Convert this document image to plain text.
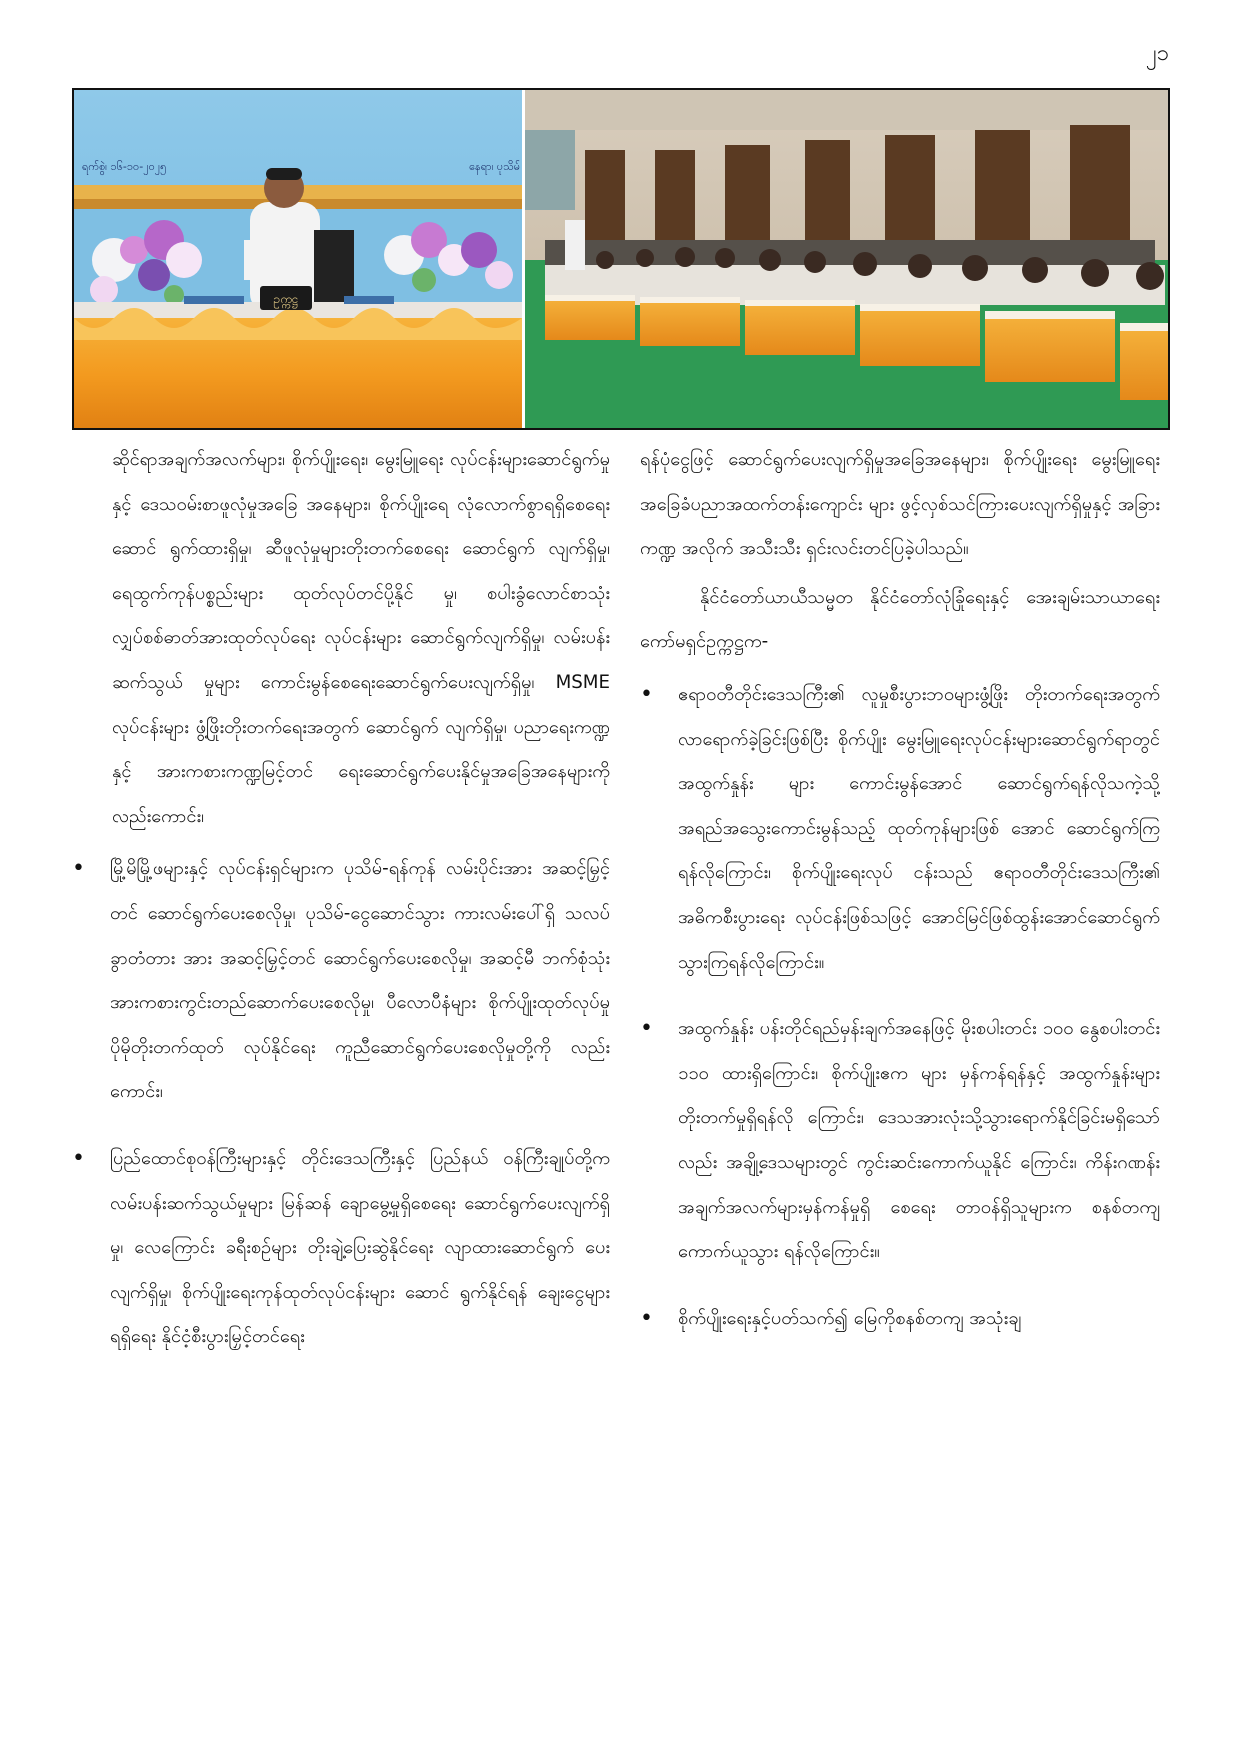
၂၁
ဥက္ကဋ္ဌ
ရက်စွဲ၊ ၁၆-၁၀-၂၀၂၅	နေရာ၊ ပုသိမ်

ဆိုင်ရာအချက်အလက်များ၊ စိုက်ပျိုးရေး၊ မွေးမြူရေး လုပ်ငန်းများဆောင်ရွက်မှုနှင့် ဒေသဝမ်းစာဖူလုံမှုအခြေ အနေများ၊ စိုက်ပျိုးရေ လုံလောက်စွာရရှိစေရေးဆောင် ရွက်ထားရှိမှု၊ ဆီဖူလုံမှုများတိုးတက်စေရေး ဆောင်ရွက် လျက်ရှိမှု၊ ရေထွက်ကုန်ပစ္စည်းများ ထုတ်လုပ်တင်ပို့နိုင် မှု၊ စပါးခွံလောင်စာသုံးလျှပ်စစ်ဓာတ်အားထုတ်လုပ်ရေး လုပ်ငန်းများ ဆောင်ရွက်လျက်ရှိမှု၊ လမ်းပန်းဆက်သွယ် မှုများ ကောင်းမွန်စေရေးဆောင်ရွက်ပေးလျက်ရှိမှု၊ MSME လုပ်ငန်းများ ဖွံ့ဖြိုးတိုးတက်ရေးအတွက် ဆောင်ရွက် လျက်ရှိမှု၊ ပညာရေးကဏ္ဍနှင့် အားကစားကဏ္ဍမြင့်တင် ရေးဆောင်ရွက်ပေးနိုင်မှုအခြေအနေများကိုလည်းကောင်း၊

• မြို့မိမြို့ဖများနှင့် လုပ်ငန်းရှင်များက ပုသိမ်-ရန်ကုန် လမ်းပိုင်းအား အဆင့်မြှင့်တင် ဆောင်ရွက်ပေးစေလိုမှု၊ ပုသိမ်-ငွေဆောင်သွား ကားလမ်းပေါ်ရှိ သလပ်ခွာတံတား အား အဆင့်မြှင့်တင် ဆောင်ရွက်ပေးစေလိုမှု၊ အဆင့်မီ ဘက်စုံသုံး အားကစားကွင်းတည်ဆောက်ပေးစေလိုမှု၊ ပီလောပီနံများ စိုက်ပျိုးထုတ်လုပ်မှုပိုမိုတိုးတက်ထုတ် လုပ်နိုင်ရေး ကူညီဆောင်ရွက်ပေးစေလိုမှုတို့ကို လည်း ကောင်း၊

• ပြည်ထောင်စုဝန်ကြီးများနှင့် တိုင်းဒေသကြီးနှင့် ပြည်နယ် ဝန်ကြီးချုပ်တို့က လမ်းပန်းဆက်သွယ်မှုများ မြန်ဆန် ချောမွေ့မှုရှိစေရေး ဆောင်ရွက်ပေးလျက်ရှိမှု၊ လေကြောင်း ခရီးစဉ်များ တိုးချဲ့ပြေးဆွဲနိုင်ရေး လျာထားဆောင်ရွက် ပေးလျက်ရှိမှု၊ စိုက်ပျိုးရေးကုန်ထုတ်လုပ်ငန်းများ ဆောင် ရွက်နိုင်ရန် ချေးငွေများရရှိရေး နိုင်ငံ့စီးပွားမြှင့်တင်ရေး

ရန်ပုံငွေဖြင့် ဆောင်ရွက်ပေးလျက်ရှိမှုအခြေအနေများ၊ စိုက်ပျိုးရေး မွေးမြူရေးအခြေခံပညာအထက်တန်းကျောင်း များ ဖွင့်လှစ်သင်ကြားပေးလျက်ရှိမှုနှင့် အခြားကဏ္ဍ အလိုက် အသီးသီး ရှင်းလင်းတင်ပြခဲ့ပါသည်။

နိုင်ငံတော်ယာယီသမ္မတ နိုင်ငံတော်လုံခြုံရေးနှင့် အေးချမ်းသာယာရေးကော်မရှင်ဥက္ကဋ္ဌက-

• ဧရာဝတီတိုင်းဒေသကြီး၏ လူမှုစီးပွားဘဝများဖွံ့ဖြိုး တိုးတက်ရေးအတွက် လာရောက်ခဲ့ခြင်းဖြစ်ပြီး စိုက်ပျိုး မွေးမြူရေးလုပ်ငန်းများဆောင်ရွက်ရာတွင် အထွက်နှုန်း များ ကောင်းမွန်အောင် ဆောင်ရွက်ရန်လိုသကဲ့သို့ အရည်အသွေးကောင်းမွန်သည့် ထုတ်ကုန်များဖြစ် အောင် ဆောင်ရွက်ကြရန်လိုကြောင်း၊ စိုက်ပျိုးရေးလုပ် ငန်းသည် ဧရာဝတီတိုင်းဒေသကြီး၏ အဓိကစီးပွားရေး လုပ်ငန်းဖြစ်သဖြင့် အောင်မြင်ဖြစ်ထွန်းအောင်ဆောင်ရွက် သွားကြရန်လိုကြောင်း။

• အထွက်နှုန်း ပန်းတိုင်ရည်မှန်းချက်အနေဖြင့် မိုးစပါးတင်း ၁၀၀ နွေစပါးတင်း ၁၁၀ ထားရှိကြောင်း၊ စိုက်ပျိုးဧက များ မှန်ကန်ရန်နှင့် အထွက်နှုန်းများတိုးတက်မှုရှိရန်လို ကြောင်း၊ ဒေသအားလုံးသို့သွားရောက်နိုင်ခြင်းမရှိသော် လည်း အချို့ဒေသများတွင် ကွင်းဆင်းကောက်ယူနိုင် ကြောင်း၊ ကိန်းဂဏန်းအချက်အလက်များမှန်ကန်မှုရှိ စေရေး တာဝန်ရှိသူများက စနစ်တကျ ကောက်ယူသွား ရန်လိုကြောင်း။

• စိုက်ပျိုးရေးနှင့်ပတ်သက်၍ မြေကိုစနစ်တကျ အသုံးချ
